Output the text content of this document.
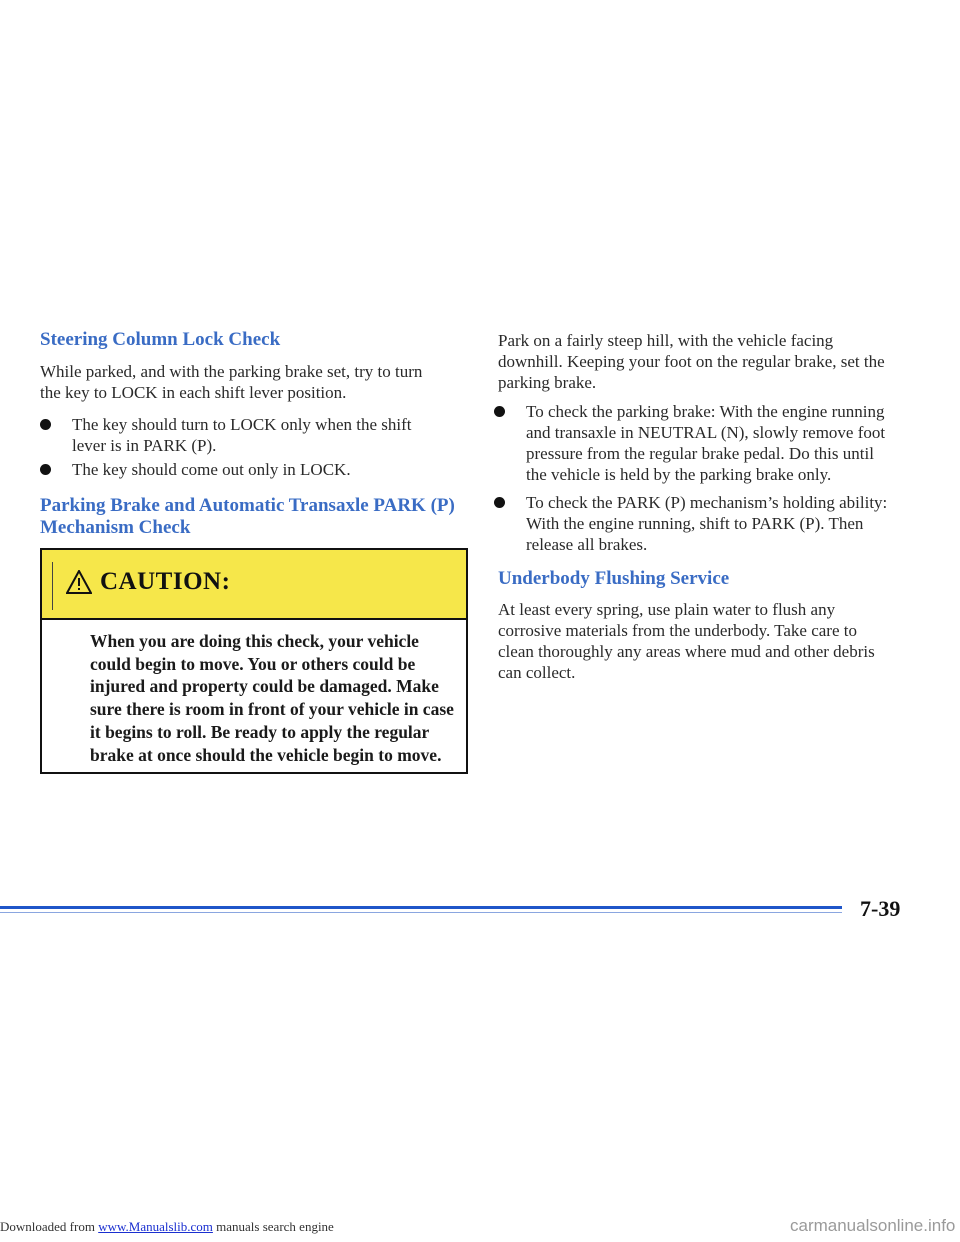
Steering Column Lock Check
While parked, and with the parking brake set, try to turn
the key to LOCK in each shift lever position.
The key should turn to LOCK only when the shift
lever is in PARK (P).
The key should come out only in LOCK.
Parking Brake and Automatic Transaxle PARK (P)
Mechanism Check
CAUTION:
When you are doing this check, your vehicle
could begin to move. You or others could be
injured and property could be damaged. Make
sure there is room in front of your vehicle in case
it begins to roll. Be ready to apply the regular
brake at once should the vehicle begin to move.
Park on a fairly steep hill, with the vehicle facing
downhill. Keeping your foot on the regular brake, set the
parking brake.
To check the parking brake: With the engine running
and transaxle in NEUTRAL (N), slowly remove foot
pressure from the regular brake pedal. Do this until
the vehicle is held by the parking brake only.
To check the PARK (P) mechanism’s holding ability:
With the engine running, shift to PARK (P). Then
release all brakes.
Underbody Flushing Service
At least every spring, use plain water to flush any
corrosive materials from the underbody. Take care to
clean thoroughly any areas where mud and other debris
can collect.
7-39
Downloaded from www.Manualslib.com manuals search engine	carmanualsonline.info
